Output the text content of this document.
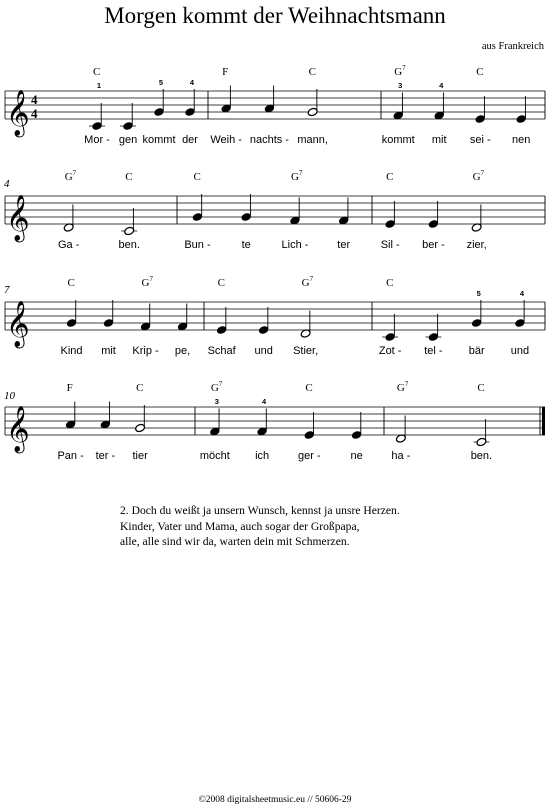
Morgen kommt der Weihnachtsmann
aus Frankreich
𝄞 4
4
1	5	4
C
Mor - gen kommt der
F	C
Weih - nachts - mann,
3	4
$G^7$	C
kommt mit sei - nen
𝄞
4
$G^7$	C
Ga -	ben.
C	$G^7$
Bun -	te	Lich -	ter
C	$G^7$
Sil - ber - zier,
𝄞
7
C	$G^7$
Kind mit Krip - pe,
C	$G^7$
Schaf und Stier,
5	4
C
Zot - tel - bär und
𝄞
10
F	C
Pan - ter - tier
3	4
$G^7$	C
möcht ich	ger -	ne
$G^7$	C
ha -	ben.
2. Doch du weißt ja unsern Wunsch, kennst ja unsre Herzen.
Kinder, Vater und Mama, auch sogar der Großpapa,
alle, alle sind wir da, warten dein mit Schmerzen.
©2008 digitalsheetmusic.eu // 50606-29
